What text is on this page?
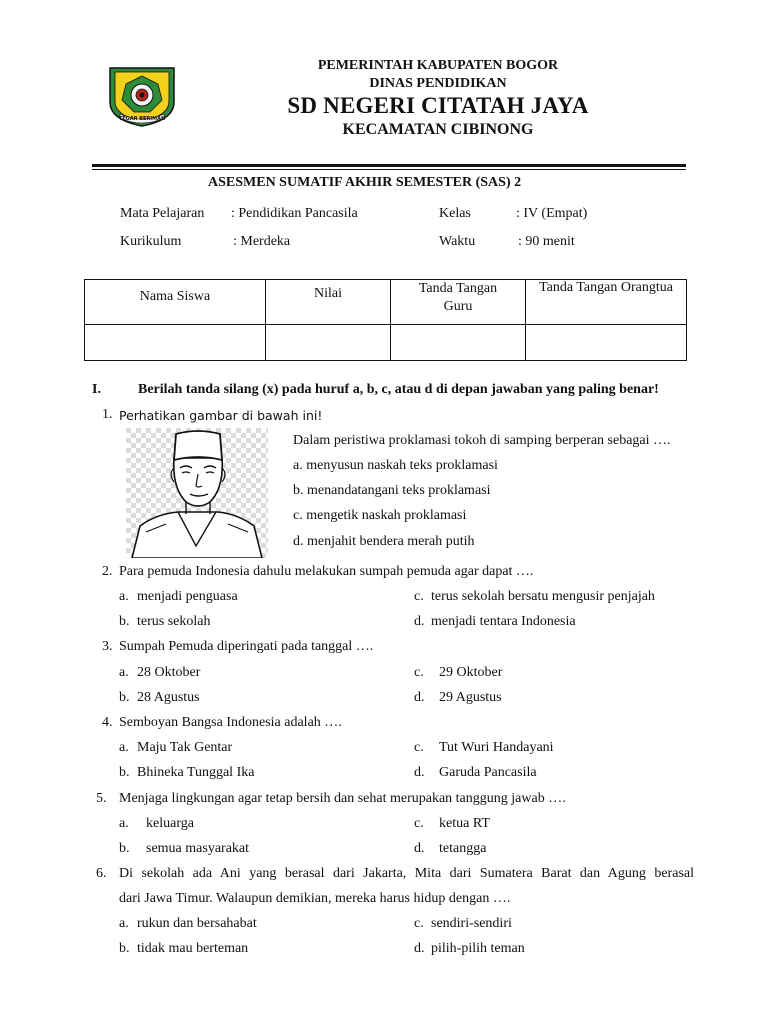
TEGAR BERIMAN
PEMERINTAH KABUPATEN BOGOR
DINAS PENDIDIKAN
SD NEGERI CITATAH JAYA
KECAMATAN CIBINONG
ASESMEN SUMATIF AKHIR SEMESTER (SAS) 2
Mata Pelajaran : Pendidikan Pancasila	Kelas	: IV (Empat)
Kurikulum	: Merdeka	Waktu	: 90 menit
Nama Siswa	Nilai	Tanda Tangan Guru	Tanda Tangan Orangtua

I.	Berilah tanda silang (x) pada huruf a, b, c, atau d di depan jawaban yang paling benar!
1. Perhatikan gambar di bawah ini!
Dalam peristiwa proklamasi tokoh di samping berperan sebagai ….
a. menyusun naskah teks proklamasi
b. menandatangani teks proklamasi
c. mengetik naskah proklamasi
d. menjahit bendera merah putih
2. Para pemuda Indonesia dahulu melakukan sumpah pemuda agar dapat ….
a. menjadi penguasa
b. terus sekolah
c. terus sekolah bersatu mengusir penjajah
d. menjadi tentara Indonesia
3. Sumpah Pemuda diperingati pada tanggal ….
a. 28 Oktober
b. 28 Agustus
c. 29 Oktober
d. 29 Agustus
4. Semboyan Bangsa Indonesia adalah ….
a. Maju Tak Gentar
b. Bhineka Tunggal Ika
c. Tut Wuri Handayani
d. Garuda Pancasila
5. Menjaga lingkungan agar tetap bersih dan sehat merupakan tanggung jawab ….
a. keluarga
b. semua masyarakat
c. ketua RT
d. tetangga
6. Di sekolah ada Ani yang berasal dari Jakarta, Mita dari Sumatera Barat dan Agung berasal
dari Jawa Timur. Walaupun demikian, mereka harus hidup dengan ….
a. rukun dan bersahabat
b. tidak mau berteman
c. sendiri-sendiri
d. pilih-pilih teman
